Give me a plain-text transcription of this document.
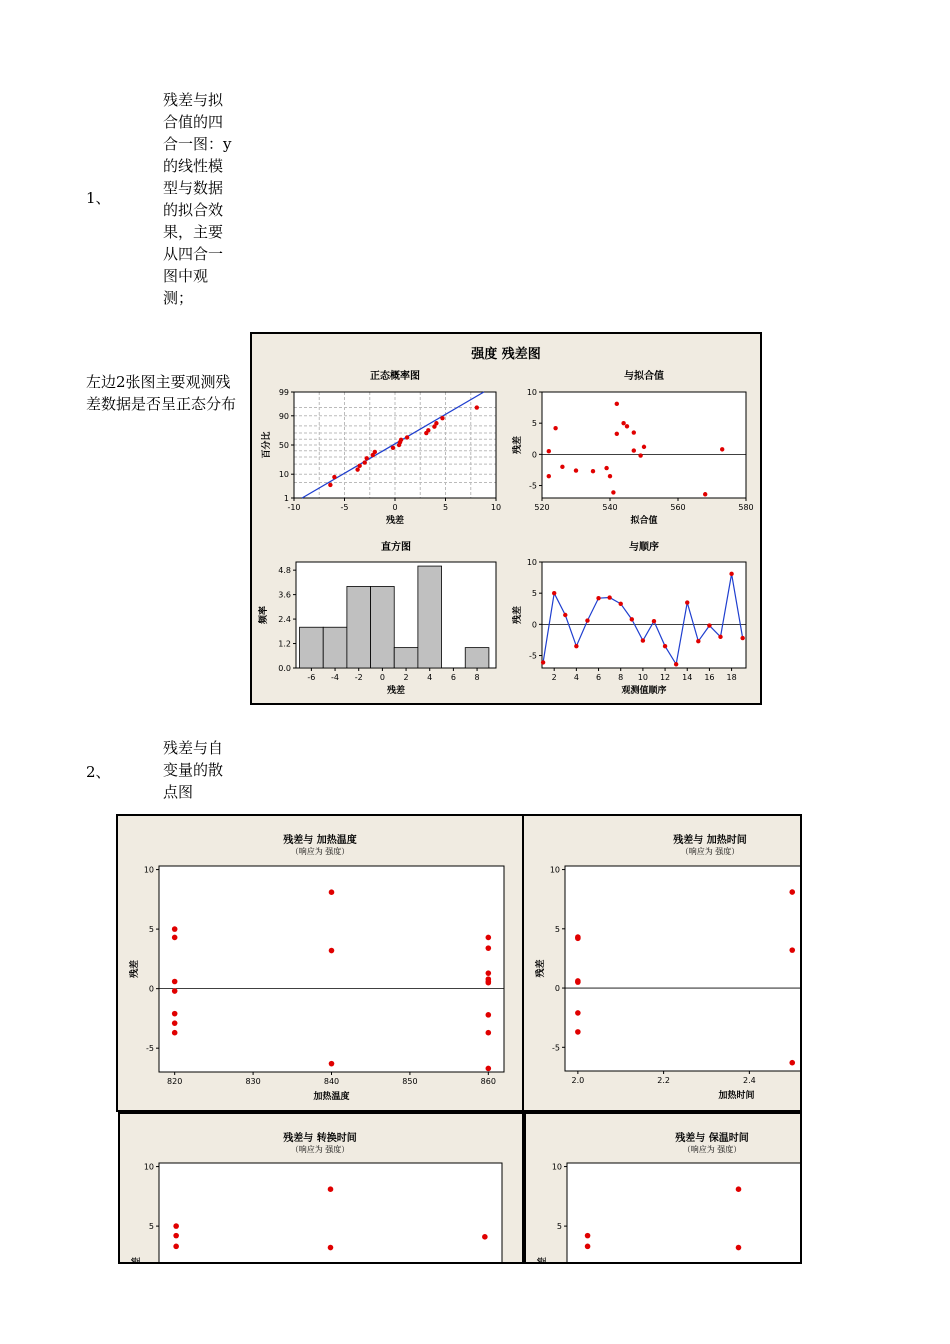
1、
残差与拟合值的四合一图：y的线性模型与数据的拟合效果，主要从四合一图中观测；
左边2张图主要观测残差数据是否呈正态分布
强度 残差图
正态概率图
-10	-5	0	5	10
1
10
50
90
99
残差
百分比
与拟合值
520	540	560	580
-5
0
5
10
拟合值
残差
直方图
-6 -4 -2 0 2 4 6 8
0.0
1.2
2.4
3.6
4.8
残差
频率
与顺序
2 4 6 8 10 12 14 16 18
-5
0
5
10
观测值顺序
残差
2、
残差与自变量的散点图
残差与 加热温度
（响应为 强度）
-5
0
5
10
820	830	840	850	860
加热温度
残差
残差与 加热时间
（响应为 强度）
-5
0
5
10
2.0	2.2	2.4	2.6
加热时间
残差
残差与 转换时间
（响应为 强度）
5
10
残差
残差与 保温时间
（响应为 强度）
5
10
残差
